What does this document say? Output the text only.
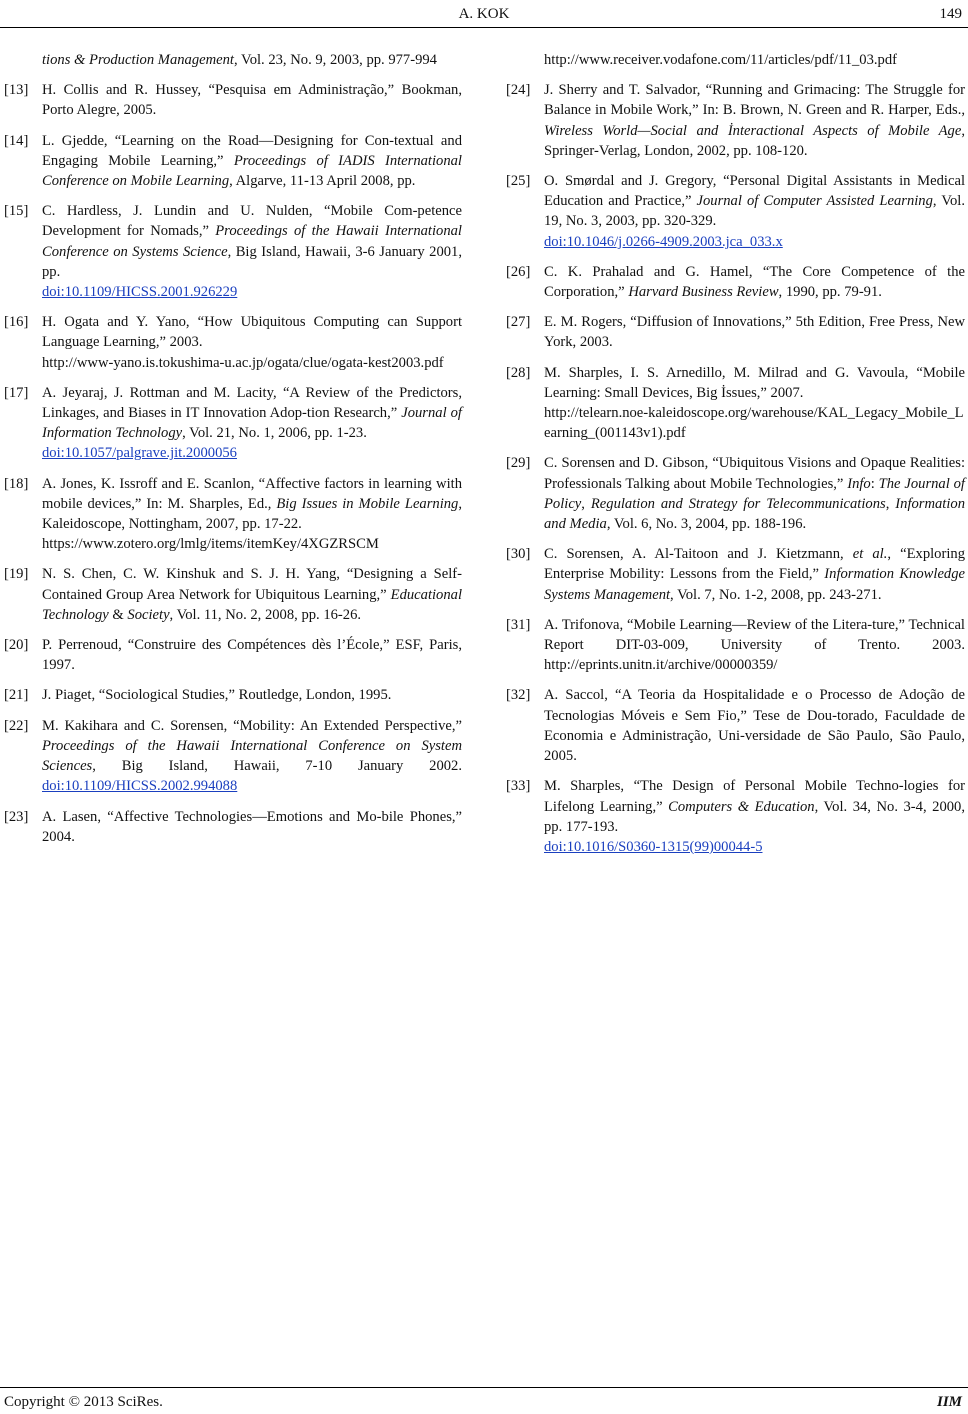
A. KOK	149
tions & Production Management, Vol. 23, No. 9, 2003, pp. 977-994
[13] H. Collis and R. Hussey, “Pesquisa em Administração,” Bookman, Porto Alegre, 2005.
[14] L. Gjedde, “Learning on the Road—Designing for Con-textual and Engaging Mobile Learning,” Proceedings of IADIS International Conference on Mobile Learning, Algarve, 11-13 April 2008, pp.
[15] C. Hardless, J. Lundin and U. Nulden, “Mobile Com-petence Development for Nomads,” Proceedings of the Hawaii International Conference on Systems Science, Big Island, Hawaii, 3-6 January 2001, pp.
doi:10.1109/HICSS.2001.926229
[16] H. Ogata and Y. Yano, “How Ubiquitous Computing can Support Language Learning,” 2003.
http://www-yano.is.tokushima-u.ac.jp/ogata/clue/ogata-kest2003.pdf
[17] A. Jeyaraj, J. Rottman and M. Lacity, “A Review of the Predictors, Linkages, and Biases in IT Innovation Adop-tion Research,” Journal of Information Technology, Vol. 21, No. 1, 2006, pp. 1-23.
doi:10.1057/palgrave.jit.2000056
[18] A. Jones, K. Issroff and E. Scanlon, “Affective factors in learning with mobile devices,” In: M. Sharples, Ed., Big Issues in Mobile Learning, Kaleidoscope, Nottingham, 2007, pp. 17-22.
https://www.zotero.org/lmlg/items/itemKey/4XGZRSCM
[19] N. S. Chen, C. W. Kinshuk and S. J. H. Yang, “Designing a Self-Contained Group Area Network for Ubiquitous Learning,” Educational Technology & Society, Vol. 11, No. 2, 2008, pp. 16-26.
[20] P. Perrenoud, “Construire des Compétences dès l’École,” ESF, Paris, 1997.
[21] J. Piaget, “Sociological Studies,” Routledge, London, 1995.
[22] M. Kakihara and C. Sorensen, “Mobility: An Extended Perspective,” Proceedings of the Hawaii International Conference on System Sciences, Big Island, Hawaii, 7-10 January 2002. doi:10.1109/HICSS.2002.994088
[23] A. Lasen, “Affective Technologies—Emotions and Mo-bile Phones,” 2004.
http://www.receiver.vodafone.com/11/articles/pdf/11_03.pdf
[24] J. Sherry and T. Salvador, “Running and Grimacing: The Struggle for Balance in Mobile Work,” In: B. Brown, N. Green and R. Harper, Eds., Wireless World—Social and İnteractional Aspects of Mobile Age, Springer-Verlag, London, 2002, pp. 108-120.
[25] O. Smørdal and J. Gregory, “Personal Digital Assistants in Medical Education and Practice,” Journal of Computer Assisted Learning, Vol. 19, No. 3, 2003, pp. 320-329.
doi:10.1046/j.0266-4909.2003.jca_033.x
[26] C. K. Prahalad and G. Hamel, “The Core Competence of the Corporation,” Harvard Business Review, 1990, pp. 79-91.
[27] E. M. Rogers, “Diffusion of Innovations,” 5th Edition, Free Press, New York, 2003.
[28] M. Sharples, I. S. Arnedillo, M. Milrad and G. Vavoula, “Mobile Learning: Small Devices, Big İssues,” 2007.
http://telearn.noe-kaleidoscope.org/warehouse/KAL_Legacy_Mobile_Learning_(001143v1).pdf
[29] C. Sorensen and D. Gibson, “Ubiquitous Visions and Opaque Realities: Professionals Talking about Mobile Technologies,” Info: The Journal of Policy, Regulation and Strategy for Telecommunications, Information and Media, Vol. 6, No. 3, 2004, pp. 188-196.
[30] C. Sorensen, A. Al-Taitoon and J. Kietzmann, et al., “Exploring Enterprise Mobility: Lessons from the Field,” Information Knowledge Systems Management, Vol. 7, No. 1-2, 2008, pp. 243-271.
[31] A. Trifonova, “Mobile Learning—Review of the Litera-ture,” Technical Report DIT-03-009, University of Trento. 2003. http://eprints.unitn.it/archive/00000359/
[32] A. Saccol, “A Teoria da Hospitalidade e o Processo de Adoção de Tecnologias Móveis e Sem Fio,” Tese de Dou-torado, Faculdade de Economia e Administração, Uni-versidade de São Paulo, São Paulo, 2005.
[33] M. Sharples, “The Design of Personal Mobile Techno-logies for Lifelong Learning,” Computers & Education, Vol. 34, No. 3-4, 2000, pp. 177-193.
doi:10.1016/S0360-1315(99)00044-5
Copyright © 2013 SciRes.	IIM
